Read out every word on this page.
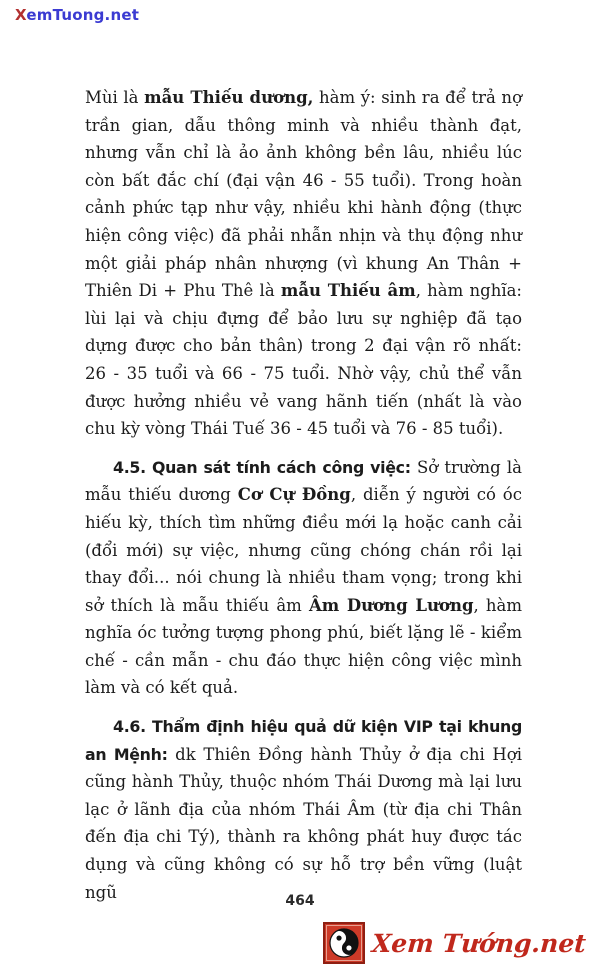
XemTuong.net

Mùi là mẫu Thiếu dương, hàm ý: sinh ra để trả nợ trần gian, dẫu thông minh và nhiều thành đạt, nhưng vẫn chỉ là ảo ảnh không bền lâu, nhiều lúc còn bất đắc chí (đại vận 46 - 55 tuổi). Trong hoàn cảnh phức tạp như vậy, nhiều khi hành động (thực hiện công việc) đã phải nhẫn nhịn và thụ động như một giải pháp nhân nhượng (vì khung An Thân + Thiên Di + Phu Thê là mẫu Thiếu âm, hàm nghĩa: lùi lại và chịu đựng để bảo lưu sự nghiệp đã tạo dựng được cho bản thân) trong 2 đại vận rõ nhất: 26 - 35 tuổi và 66 - 75 tuổi. Nhờ vậy, chủ thể vẫn được hưởng nhiều vẻ vang hãnh tiến (nhất là vào chu kỳ vòng Thái Tuế 36 - 45 tuổi và 76 - 85 tuổi).

4.5. Quan sát tính cách công việc: Sở trường là mẫu thiếu dương Cơ Cự Đồng, diễn ý người có óc hiếu kỳ, thích tìm những điều mới lạ hoặc canh cải (đổi mới) sự việc, nhưng cũng chóng chán rồi lại thay đổi... nói chung là nhiều tham vọng; trong khi sở thích là mẫu thiếu âm Âm Dương Lương, hàm nghĩa óc tưởng tượng phong phú, biết lặng lẽ - kiểm chế - cần mẫn - chu đáo thực hiện công việc mình làm và có kết quả.

4.6. Thẩm định hiệu quả dữ kiện VIP tại khung an Mệnh: dk Thiên Đồng hành Thủy ở địa chi Hợi cũng hành Thủy, thuộc nhóm Thái Dương mà lại lưu lạc ở lãnh địa của nhóm Thái Âm (từ địa chi Thân đến địa chi Tý), thành ra không phát huy được tác dụng và cũng không có sự hỗ trợ bền vững (luật ngũ	464
Xem Tướng.net
